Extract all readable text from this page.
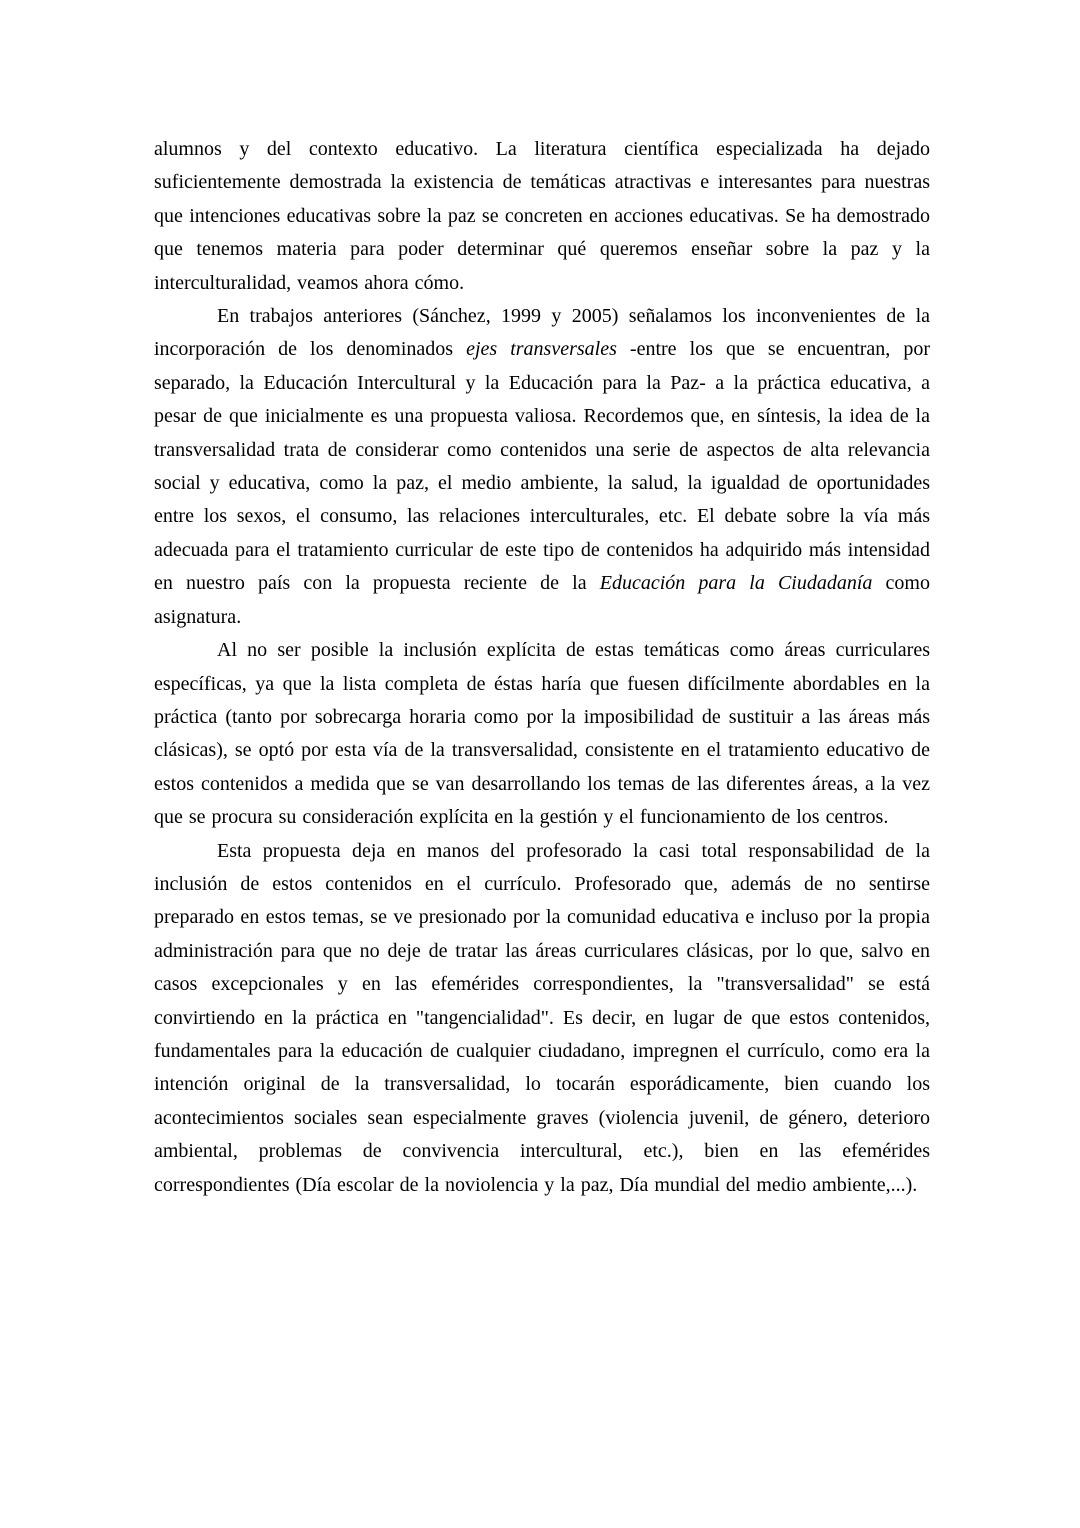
alumnos y del contexto educativo. La literatura científica especializada ha dejado suficientemente demostrada la existencia de temáticas atractivas e interesantes para nuestras que intenciones educativas sobre la paz se concreten en acciones educativas. Se ha demostrado que tenemos materia para poder determinar qué queremos enseñar sobre la paz y la interculturalidad, veamos ahora cómo.

En trabajos anteriores (Sánchez, 1999 y 2005) señalamos los inconvenientes de la incorporación de los denominados ejes transversales -entre los que se encuentran, por separado, la Educación Intercultural y la Educación para la Paz- a la práctica educativa, a pesar de que inicialmente es una propuesta valiosa. Recordemos que, en síntesis, la idea de la transversalidad trata de considerar como contenidos una serie de aspectos de alta relevancia social y educativa, como la paz, el medio ambiente, la salud, la igualdad de oportunidades entre los sexos, el consumo, las relaciones interculturales, etc. El debate sobre la vía más adecuada para el tratamiento curricular de este tipo de contenidos ha adquirido más intensidad en nuestro país con la propuesta reciente de la Educación para la Ciudadanía como asignatura.

Al no ser posible la inclusión explícita de estas temáticas como áreas curriculares específicas, ya que la lista completa de éstas haría que fuesen difícilmente abordables en la práctica (tanto por sobrecarga horaria como por la imposibilidad de sustituir a las áreas más clásicas), se optó por esta vía de la transversalidad, consistente en el tratamiento educativo de estos contenidos a medida que se van desarrollando los temas de las diferentes áreas, a la vez que se procura su consideración explícita en la gestión y el funcionamiento de los centros.

Esta propuesta deja en manos del profesorado la casi total responsabilidad de la inclusión de estos contenidos en el currículo. Profesorado que, además de no sentirse preparado en estos temas, se ve presionado por la comunidad educativa e incluso por la propia administración para que no deje de tratar las áreas curriculares clásicas, por lo que, salvo en casos excepcionales y en las efemérides correspondientes, la "transversalidad" se está convirtiendo en la práctica en "tangencialidad". Es decir, en lugar de que estos contenidos, fundamentales para la educación de cualquier ciudadano, impregnen el currículo, como era la intención original de la transversalidad, lo tocarán esporádicamente, bien cuando los acontecimientos sociales sean especialmente graves (violencia juvenil, de género, deterioro ambiental, problemas de convivencia intercultural, etc.), bien en las efemérides correspondientes (Día escolar de la noviolencia y la paz, Día mundial del medio ambiente,...).
